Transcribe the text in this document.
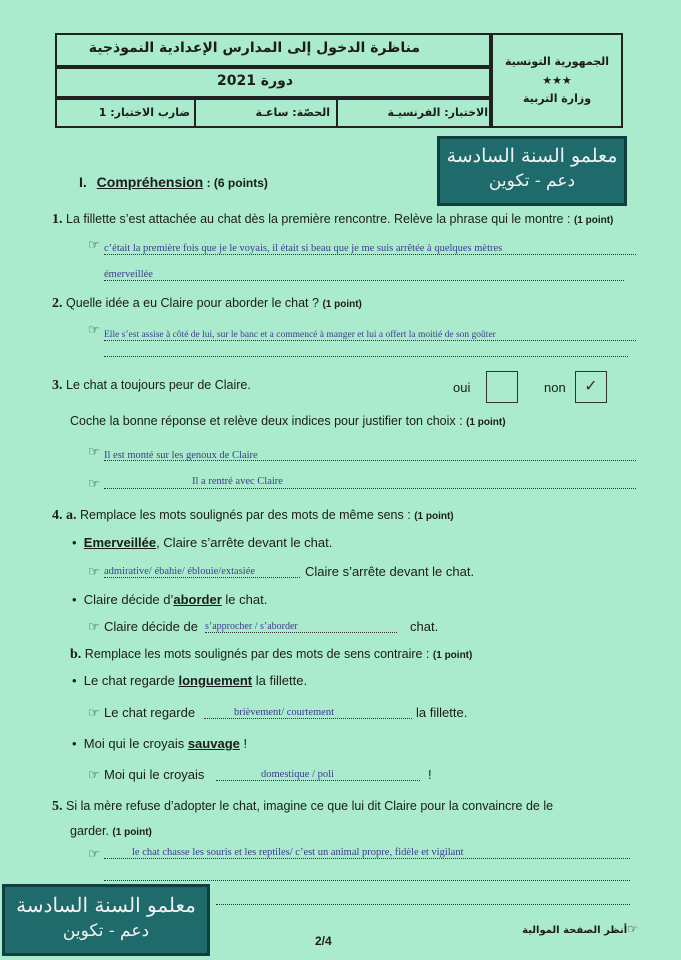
مناظرة الدخول إلى المدارس الإعدادية النموذجية
دورة 2021
ضارب الاختبار: 1	الحصّة: ساعـة	الاختبار: الفرنسيـة
الجمهورية التونسية
★★★
وزارة التربية
معلمو السنة السادسة
دعم - تكوين
I. Compréhension : (6 points)
1. La fillette s’est attachée au chat dès la première rencontre. Relève la phrase qui le montre : (1 point)
☞ c’était la première fois que je le voyais, il était si beau que je me suis arrêtée à quelques mètres
émerveillée
2. Quelle idée a eu Claire pour aborder le chat ? (1 point)
☞ Elle s’est assise à côté de lui, sur le banc et a commencé à manger et lui a offert la moitié de son goûter
3. Le chat a toujours peur de Claire.	oui	non	✓
Coche la bonne réponse et relève deux indices pour justifier ton choix : (1 point)
☞ Il est monté sur les genoux de Claire
☞	Il a rentré avec Claire
4. a. Remplace les mots soulignés par des mots de même sens : (1 point)
•  Emerveillée, Claire s’arrête devant le chat.
☞ admirative/ ébahie/ éblouie/extasiée	Claire s’arrête devant le chat.
•  Claire décide d’aborder le chat.
☞ Claire décide de s’approcher / s’aborder	chat.
b. Remplace les mots soulignés par des mots de sens contraire : (1 point)
•  Le chat regarde longuement la fillette.
☞ Le chat regarde	brièvement/ courtement	la fillette.
•  Moi qui le croyais sauvage !
☞ Moi qui le croyais	domestique / poli	!
5. Si la mère refuse d’adopter le chat, imagine ce que lui dit Claire pour la convaincre de le
garder. (1 point)
☞	le chat chasse les souris et les reptiles/ c’est un animal propre, fidèle et vigilant
معلمو السنة السادسة
دعم - تكوين	2/4
☞أنظر الصفحة الموالية
